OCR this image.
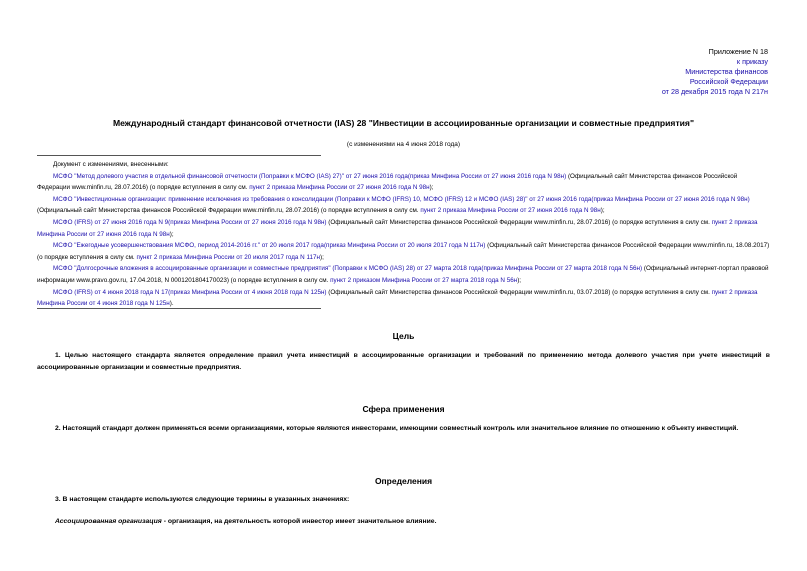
Приложение N 18
к приказу
Министерства финансов
Российской Федерации
от 28 декабря 2015 года N 217н
Международный стандарт финансовой отчетности (IAS) 28 "Инвестиции в ассоциированные организации и совместные предприятия"
(с изменениями на 4 июня 2018 года)
Документ с изменениями, внесенными:
МСФО "Метод долевого участия в отдельной финансовой отчетности (Поправки к МСФО (IAS) 27)" от 27 июня 2016 года(приказ Минфина России от 27 июня 2016 года N 98н) (Официальный сайт Министерства финансов Российской Федерации www.minfin.ru, 28.07.2016) (о порядке вступления в силу см. пункт 2 приказа Минфина России от 27 июня 2016 года N 98н);
МСФО "Инвестиционные организации: применение исключения из требования о консолидации (Поправки к МСФО (IFRS) 10, МСФО (IFRS) 12 и МСФО (IAS) 28)" от 27 июня 2016 года(приказ Минфина России от 27 июня 2016 года N 98н) (Официальный сайт Министерства финансов Российской Федерации www.minfin.ru, 28.07.2016) (о порядке вступления в силу см. пункт 2 приказа Минфина России от 27 июня 2016 года N 98н);
МСФО (IFRS) от 27 июня 2016 года N 9(приказ Минфина России от 27 июня 2016 года N 98н) (Официальный сайт Министерства финансов Российской Федерации www.minfin.ru, 28.07.2016) (о порядке вступления в силу см. пункт 2 приказа Минфина России от 27 июня 2016 года N 98н);
МСФО "Ежегодные усовершенствования МСФО, период 2014-2016 гг." от 20 июля 2017 года(приказ Минфина России от 20 июля 2017 года N 117н) (Официальный сайт Министерства финансов Российской Федерации www.minfin.ru, 18.08.2017) (о порядке вступления в силу см. пункт 2 приказа Минфина России от 20 июля 2017 года N 117н);
МСФО "Долгосрочные вложения в ассоциированные организации и совместные предприятия" (Поправки к МСФО (IAS) 28) от 27 марта 2018 года(приказ Минфина России от 27 марта 2018 года N 56н) (Официальный интернет-портал правовой информации www.pravo.gov.ru, 17.04.2018, N 0001201804170023) (о порядке вступления в силу см. пункт 2 приказом Минфина России от 27 марта 2018 года N 56н);
МСФО (IFRS) от 4 июня 2018 года N 17(приказ Минфина России от 4 июня 2018 года N 125н) (Официальный сайт Министерства финансов Российской Федерации www.minfin.ru, 03.07.2018) (о порядке вступления в силу см. пункт 2 приказа Минфина России от 4 июня 2018 года N 125н).
Цель
1. Целью настоящего стандарта является определение правил учета инвестиций в ассоциированные организации и требований по применению метода долевого участия при учете инвестиций в ассоциированные организации и совместные предприятия.
Сфера применения
2. Настоящий стандарт должен применяться всеми организациями, которые являются инвесторами, имеющими совместный контроль или значительное влияние по отношению к объекту инвестиций.
Определения
3. В настоящем стандарте используются следующие термины в указанных значениях:
Ассоциированная организация - организация, на деятельность которой инвестор имеет значительное влияние.
